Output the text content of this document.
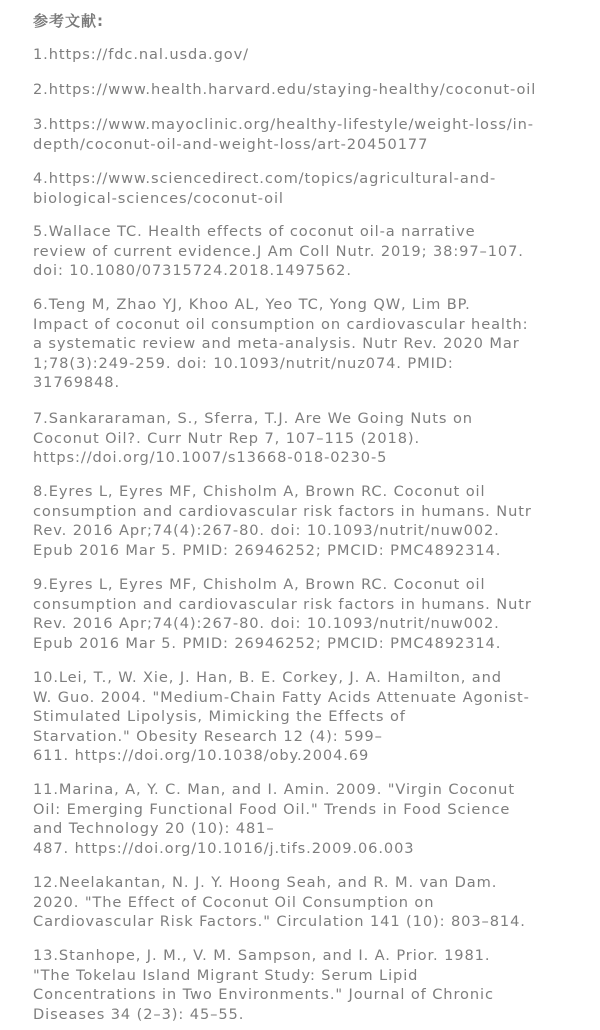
参考文献:
1.https://fdc.nal.usda.gov/
2.https://www.health.harvard.edu/staying-healthy/coconut-oil
3.https://www.mayoclinic.org/healthy-lifestyle/weight-loss/in-
depth/coconut-oil-and-weight-loss/art-20450177
4.https://www.sciencedirect.com/topics/agricultural-and-
biological-sciences/coconut-oil
5.Wallace TC. Health effects of coconut oil-a narrative
review of current evidence.J Am Coll Nutr. 2019; 38:97–107.
doi: 10.1080/07315724.2018.1497562.
6.Teng M, Zhao YJ, Khoo AL, Yeo TC, Yong QW, Lim BP.
Impact of coconut oil consumption on cardiovascular health:
a systematic review and meta-analysis. Nutr Rev. 2020 Mar
1;78(3):249-259. doi: 10.1093/nutrit/nuz074. PMID:
31769848.
7.Sankararaman, S., Sferra, T.J. Are We Going Nuts on
Coconut Oil?. Curr Nutr Rep 7, 107–115 (2018).
https://doi.org/10.1007/s13668-018-0230-5
8.Eyres L, Eyres MF, Chisholm A, Brown RC. Coconut oil
consumption and cardiovascular risk factors in humans. Nutr
Rev. 2016 Apr;74(4):267-80. doi: 10.1093/nutrit/nuw002.
Epub 2016 Mar 5. PMID: 26946252; PMCID: PMC4892314.
9.Eyres L, Eyres MF, Chisholm A, Brown RC. Coconut oil
consumption and cardiovascular risk factors in humans. Nutr
Rev. 2016 Apr;74(4):267-80. doi: 10.1093/nutrit/nuw002.
Epub 2016 Mar 5. PMID: 26946252; PMCID: PMC4892314.
10.Lei, T., W. Xie, J. Han, B. E. Corkey, J. A. Hamilton, and
W. Guo. 2004. "Medium-Chain Fatty Acids Attenuate Agonist-
Stimulated Lipolysis, Mimicking the Effects of
Starvation." Obesity Research 12 (4): 599–
611. https://doi.org/10.1038/oby.2004.69
11.Marina, A, Y. C. Man, and I. Amin. 2009. "Virgin Coconut
Oil: Emerging Functional Food Oil." Trends in Food Science
and Technology 20 (10): 481–
487. https://doi.org/10.1016/j.tifs.2009.06.003
12.Neelakantan, N. J. Y. Hoong Seah, and R. M. van Dam.
2020. "The Effect of Coconut Oil Consumption on
Cardiovascular Risk Factors." Circulation 141 (10): 803–814.
13.Stanhope, J. M., V. M. Sampson, and I. A. Prior. 1981.
"The Tokelau Island Migrant Study: Serum Lipid
Concentrations in Two Environments." Journal of Chronic
Diseases 34 (2–3): 45–55.
